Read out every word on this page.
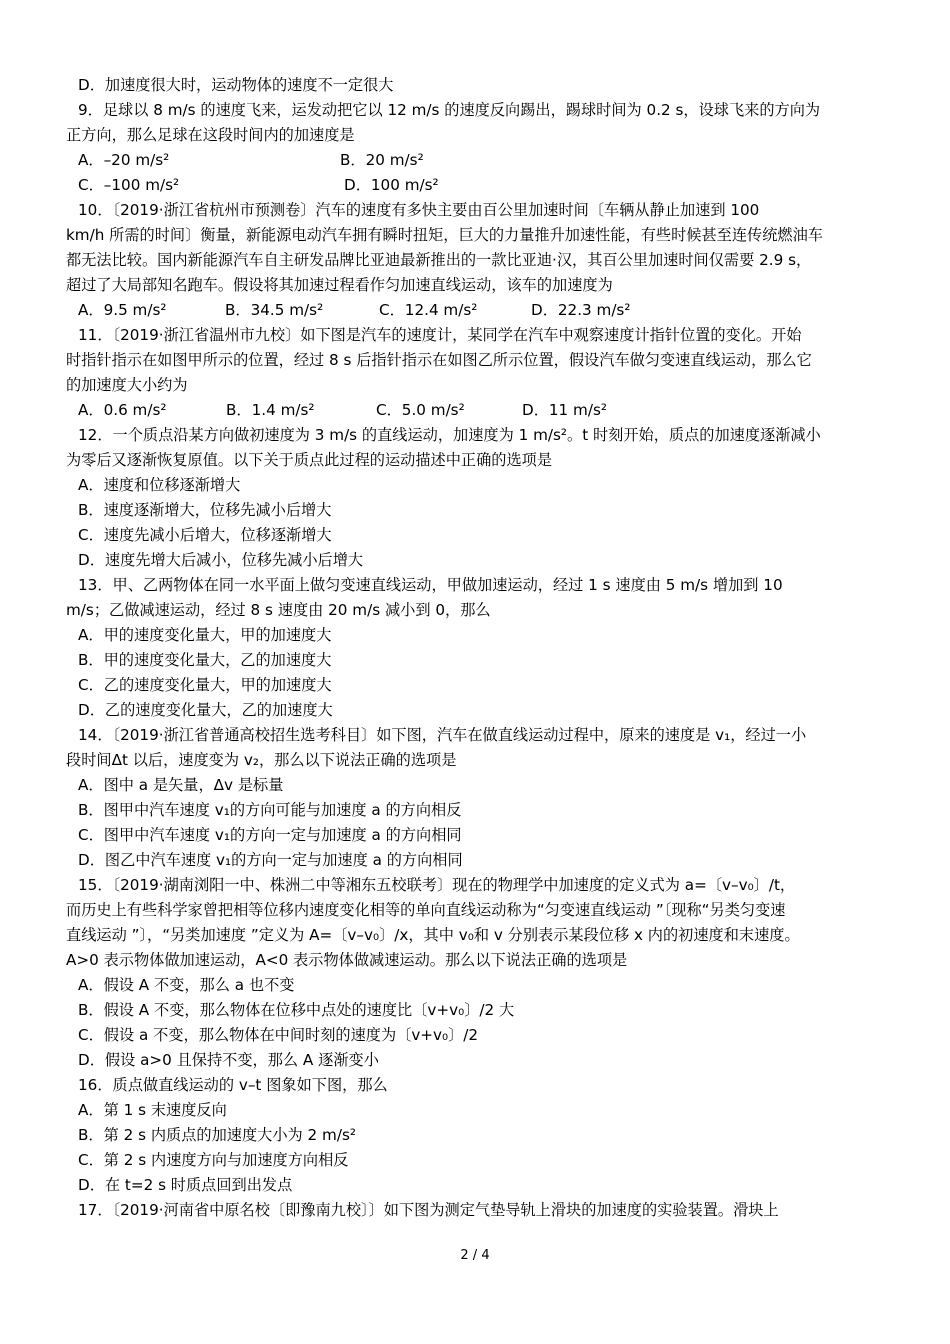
D．加速度很大时，运动物体的速度不一定很大
9．足球以 8 m/s 的速度飞来，运发动把它以 12 m/s 的速度反向踢出，踢球时间为 0.2 s，设球飞来的方向为
正方向，那么足球在这段时间内的加速度是
A．–20 m/s²	B．20 m/s²
C．–100 m/s²	D．100 m/s²
10．〔2019·浙江省杭州市预测卷〕汽车的速度有多快主要由百公里加速时间〔车辆从静止加速到 100
km/h 所需的时间〕衡量，新能源电动汽车拥有瞬时扭矩，巨大的力量推升加速性能，有些时候甚至连传统燃油车
都无法比较。国内新能源汽车自主研发品牌比亚迪最新推出的一款比亚迪·汉，其百公里加速时间仅需要 2.9 s，
超过了大局部知名跑车。假设将其加速过程看作匀加速直线运动，该车的加速度为
A．9.5 m/s²	B．34.5 m/s²	C．12.4 m/s²	D．22.3 m/s²
11．〔2019·浙江省温州市九校〕如下图是汽车的速度计，某同学在汽车中观察速度计指针位置的变化。开始
时指针指示在如图甲所示的位置，经过 8 s 后指针指示在如图乙所示位置，假设汽车做匀变速直线运动，那么它
的加速度大小约为
A．0.6 m/s²	B．1.4 m/s²	C．5.0 m/s²	D．11 m/s²
12．一个质点沿某方向做初速度为 3 m/s 的直线运动，加速度为 1 m/s²。t 时刻开始，质点的加速度逐渐减小
为零后又逐渐恢复原值。以下关于质点此过程的运动描述中正确的选项是
A．速度和位移逐渐增大
B．速度逐渐增大，位移先减小后增大
C．速度先减小后增大，位移逐渐增大
D．速度先增大后减小，位移先减小后增大
13．甲、乙两物体在同一水平面上做匀变速直线运动，甲做加速运动，经过 1 s 速度由 5 m/s 增加到 10
m/s；乙做减速运动，经过 8 s 速度由 20 m/s 减小到 0，那么
A．甲的速度变化量大，甲的加速度大
B．甲的速度变化量大，乙的加速度大
C．乙的速度变化量大，甲的加速度大
D．乙的速度变化量大，乙的加速度大
14．〔2019·浙江省普通高校招生选考科目〕如下图，汽车在做直线运动过程中，原来的速度是 v₁，经过一小
段时间Δt 以后，速度变为 v₂，那么以下说法正确的选项是
A．图中 a 是矢量，Δv 是标量
B．图甲中汽车速度 v₁的方向可能与加速度 a 的方向相反
C．图甲中汽车速度 v₁的方向一定与加速度 a 的方向相同
D．图乙中汽车速度 v₁的方向一定与加速度 a 的方向相同
15．〔2019·湖南浏阳一中、株洲二中等湘东五校联考〕现在的物理学中加速度的定义式为 a=〔v–v₀〕/t，
而历史上有些科学家曾把相等位移内速度变化相等的单向直线运动称为“匀变速直线运动 ”〔现称“另类匀变速
直线运动 ”〕，“另类加速度 ”定义为 A=〔v–v₀〕/x，其中 v₀和 v 分别表示某段位移 x 内的初速度和末速度。
A>0 表示物体做加速运动，A<0 表示物体做减速运动。那么以下说法正确的选项是
A．假设 A 不变，那么 a 也不变
B．假设 A 不变，那么物体在位移中点处的速度比〔v+v₀〕/2 大
C．假设 a 不变，那么物体在中间时刻的速度为〔v+v₀〕/2
D．假设 a>0 且保持不变，那么 A 逐渐变小
16．质点做直线运动的 v–t 图象如下图，那么
A．第 1 s 末速度反向
B．第 2 s 内质点的加速度大小为 2 m/s²
C．第 2 s 内速度方向与加速度方向相反
D．在 t=2 s 时质点回到出发点
17．〔2019·河南省中原名校〔即豫南九校〕〕如下图为测定气垫导轨上滑块的加速度的实验装置。滑块上
2 / 4
